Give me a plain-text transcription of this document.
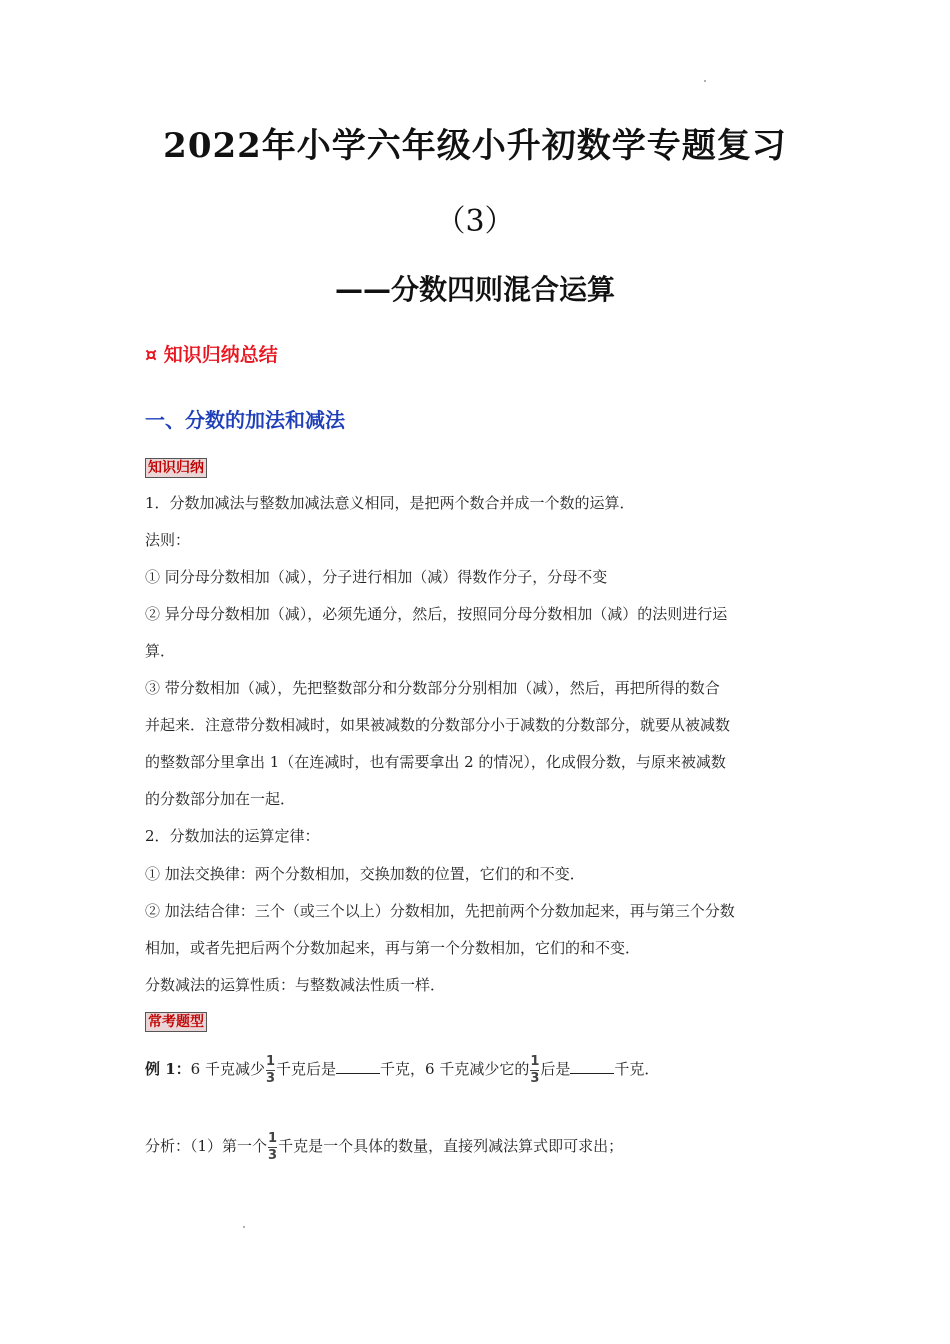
2022年小学六年级小升初数学专题复习
（3）
——分数四则混合运算
¤ 知识归纳总结
一、分数的加法和减法
知识归纳
1．分数加减法与整数加减法意义相同，是把两个数合并成一个数的运算．
法则：
① 同分母分数相加（减），分子进行相加（减）得数作分子，分母不变
② 异分母分数相加（减），必须先通分，然后，按照同分母分数相加（减）的法则进行运
算．
③ 带分数相加（减），先把整数部分和分数部分分别相加（减），然后，再把所得的数合
并起来．注意带分数相减时，如果被减数的分数部分小于减数的分数部分，就要从被减数
的整数部分里拿出 1（在连减时，也有需要拿出 2 的情况），化成假分数，与原来被减数
的分数部分加在一起．
2．分数加法的运算定律：
① 加法交换律：两个分数相加，交换加数的位置，它们的和不变．
② 加法结合律：三个（或三个以上）分数相加，先把前两个分数加起来，再与第三个分数
相加，或者先把后两个分数加起来，再与第一个分数相加，它们的和不变．
分数减法的运算性质：与整数减法性质一样．
常考题型
例 1：6 千克减少 $\frac{1}{3}$ 千克后是	千克，6 千克减少它的 $\frac{1}{3}$ 后是	千克．
分析：（1）第一个 $\frac{1}{3}$ 千克是一个具体的数量，直接列减法算式即可求出；
